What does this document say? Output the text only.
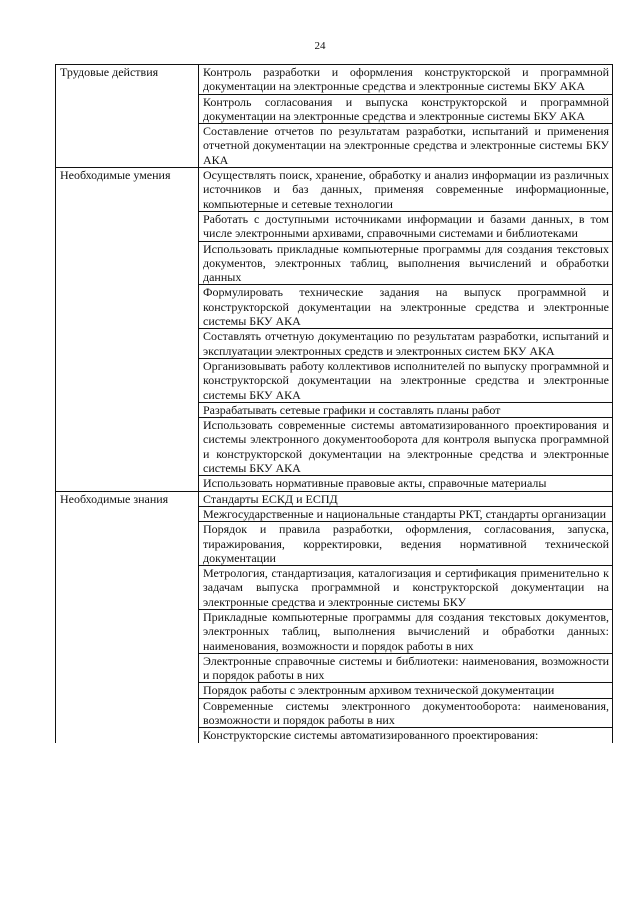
24
Трудовые действия	Контроль разработки и оформления конструкторской и программной документации на электронные средства и электронные системы БКУ АКА
	Контроль согласования и выпуска конструкторской и программной документации на электронные средства и электронные системы БКУ АКА
	Составление отчетов по результатам разработки, испытаний и применения отчетной документации на электронные средства и электронные системы БКУ АКА
Необходимые умения	Осуществлять поиск, хранение, обработку и анализ информации из различных источников и баз данных, применяя современные информационные, компьютерные и сетевые технологии
	Работать с доступными источниками информации и базами данных, в том числе электронными архивами, справочными системами и библиотеками
	Использовать прикладные компьютерные программы для создания текстовых документов, электронных таблиц, выполнения вычислений и обработки данных
	Формулировать технические задания на выпуск программной и конструкторской документации на электронные средства и электронные системы БКУ АКА
	Составлять отчетную документацию по результатам разработки, испытаний и эксплуатации электронных средств и электронных систем БКУ АКА
	Организовывать работу коллективов исполнителей по выпуску программной и конструкторской документации на электронные средства и электронные системы БКУ АКА
	Разрабатывать сетевые графики и составлять планы работ
	Использовать современные системы автоматизированного проектирования и системы электронного документооборота для контроля выпуска программной и конструкторской документации на электронные средства и электронные системы БКУ АКА
	Использовать нормативные правовые акты, справочные материалы
Необходимые знания	Стандарты ЕСКД и ЕСПД
	Межгосударственные и национальные стандарты РКТ, стандарты организации
	Порядок и правила разработки, оформления, согласования, запуска, тиражирования, корректировки, ведения нормативной технической документации
	Метрология, стандартизация, каталогизация и сертификация применительно к задачам выпуска программной и конструкторской документации на электронные средства и электронные системы БКУ
	Прикладные компьютерные программы для создания текстовых документов, электронных таблиц, выполнения вычислений и обработки данных: наименования, возможности и порядок работы в них
	Электронные справочные системы и библиотеки: наименования, возможности и порядок работы в них
	Порядок работы с электронным архивом технической документации
	Современные системы электронного документооборота: наименования, возможности и порядок работы в них
	Конструкторские системы автоматизированного проектирования:
